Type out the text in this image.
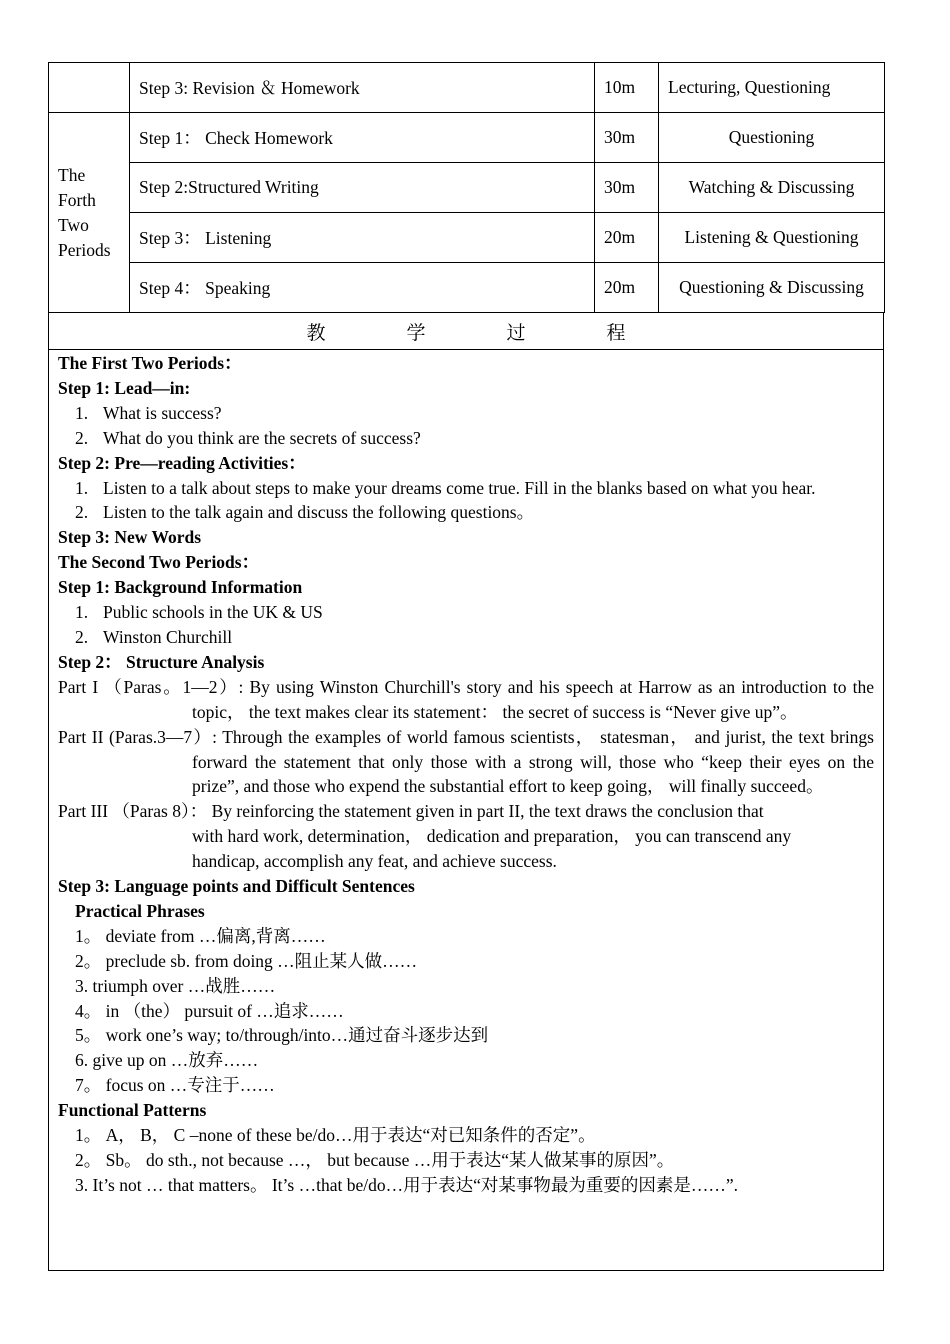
	Step 3: Revision ＆ Homework	10m	Lecturing, Questioning

The
Forth
Two
Periods	Step 1： Check Homework	30m	Questioning
	Step 2:Structured Writing	30m	Watching & Discussing
	Step 3： Listening	20m	Listening & Questioning
	Step 4： Speaking	20m	Questioning & Discussing
教	学	过	程
The First Two Periods：
Step 1: Lead—in:
1. What is success?
2. What do you think are the secrets of success?
Step 2: Pre—reading Activities：
1. Listen to a talk about steps to make your dreams come true. Fill in the blanks based on what you hear.
2. Listen to the talk again and discuss the following questions。
Step 3: New Words
The Second Two Periods：
Step 1: Background Information
1. Public schools in the UK & US
2. Winston Churchill
Step 2： Structure Analysis
Part I （Paras。1—2）: By using Winston Churchill's story and his speech at Harrow as an introduction to the topic， the text makes clear its statement： the secret of success is “Never give up”。
Part II (Paras.3—7）: Through the examples of world famous scientists， statesman， and jurist, the text brings forward the statement that only those with a strong will, those who “keep their eyes on the prize”, and those who expend the substantial effort to keep going， will finally succeed。
Part III （Paras 8）： By reinforcing the statement given in part II, the text draws the conclusion that
with hard work, determination， dedication and preparation， you can transcend any
handicap, accomplish any feat, and achieve success.
Step 3: Language points and Difficult Sentences
Practical Phrases
1。 deviate from …偏离,背离……
2。 preclude sb. from doing …阻止某人做……
3. triumph over …战胜……
4。 in （the） pursuit of …追求……
5。 work one’s way; to/through/into…通过奋斗逐步达到
6. give up on …放弃……
7。 focus on …专注于……
Functional Patterns
1。 A， B， C –none of these be/do…用于表达“对已知条件的否定”。
2。 Sb。 do sth., not because …， but because …用于表达“某人做某事的原因”。
3. It’s not … that matters。 It’s …that be/do…用于表达“对某事物最为重要的因素是……”.
